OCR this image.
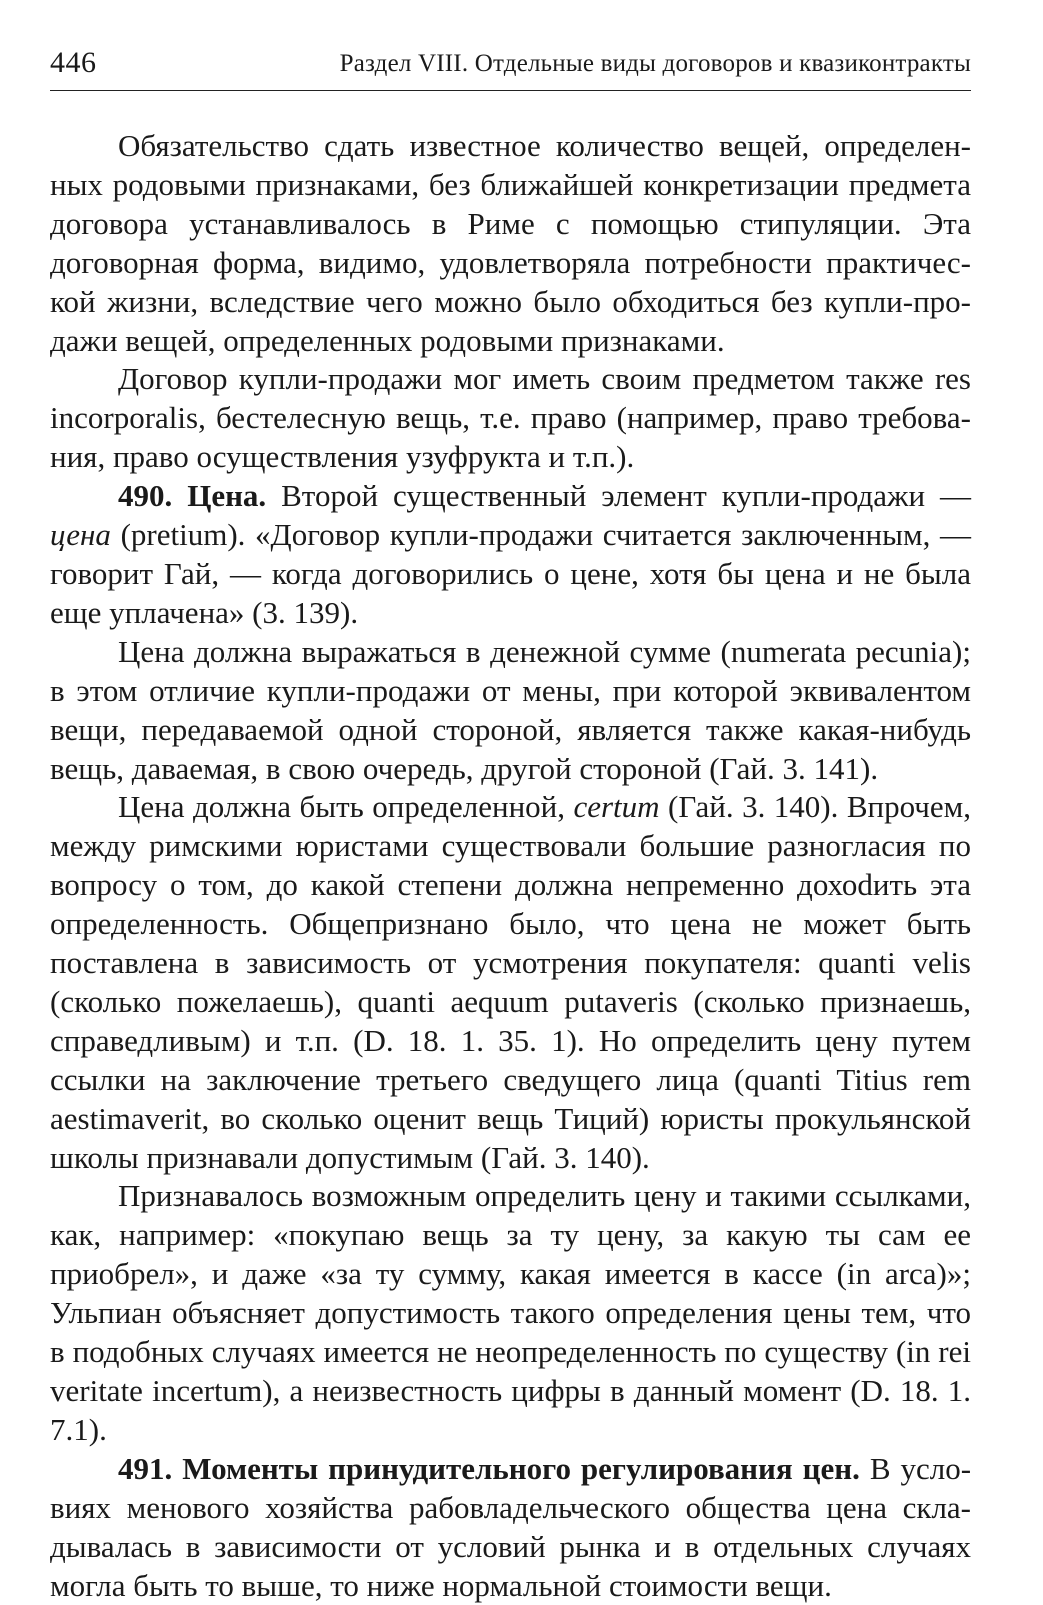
446	Раздел VIII. Отдельные виды договоров и квазиконтракты

Обязательство сдать известное количество вещей, определенных родовыми признаками, без ближайшей конкретизации предмета договора устанавливалось в Риме с помощью стипуляции. Эта договорная форма, видимо, удовлетворяла потребности практической жизни, вследствие чего можно было обходиться без купли-продажи вещей, определенных родовыми признаками.

Договор купли-продажи мог иметь своим предметом также res incorporalis, бестелесную вещь, т.е. право (например, право требования, право осуществления узуфрукта и т.п.).

490. Цена. Второй существенный элемент купли-продажи — цена (pretium). «Договор купли-продажи считается заключенным, — говорит Гай, — когда договорились о цене, хотя бы цена и не была еще уплачена» (3. 139).

Цена должна выражаться в денежной сумме (numerata pecunia); в этом отличие купли-продажи от мены, при которой эквивалентом вещи, передаваемой одной стороной, является также какая-нибудь вещь, даваемая, в свою очередь, другой стороной (Гай. 3. 141).

Цена должна быть определенной, certum (Гай. 3. 140). Впрочем, между римскими юристами существовали большие разногласия по вопросу о том, до какой степени должна непременно дохоdить эта определенность. Общепризнано было, что цена не может быть поставлена в зависимость от усмотрения покупателя: quanti velis (сколько пожелаешь), quanti aequum putaveris (сколько признаешь, справедливым) и т.п. (D. 18. 1. 35. 1). Но определить цену путем ссылки на заключение третьего сведущего лица (quanti Titius rem aestimaverit, во сколько оценит вещь Тиций) юристы прокульянской школы признавали допустимым (Гай. 3. 140).

Признавалось возможным определить цену и такими ссылками, как, например: «покупаю вещь за ту цену, за какую ты сам ее приобрел», и даже «за ту сумму, какая имеется в кассе (in arca)»; Ульпиан объясняет допустимость такого определения цены тем, что в подобных случаях имеется не неопределенность по существу (in rei veritate incertum), а неизвестность цифры в данный момент (D. 18. 1. 7.1).

491. Моменты принудительного регулирования цен. В условиях менового хозяйства рабовладельческого общества цена складывалась в зависимости от условий рынка и в отдельных случаях могла быть то выше, то ниже нормальной стоимости вещи.
